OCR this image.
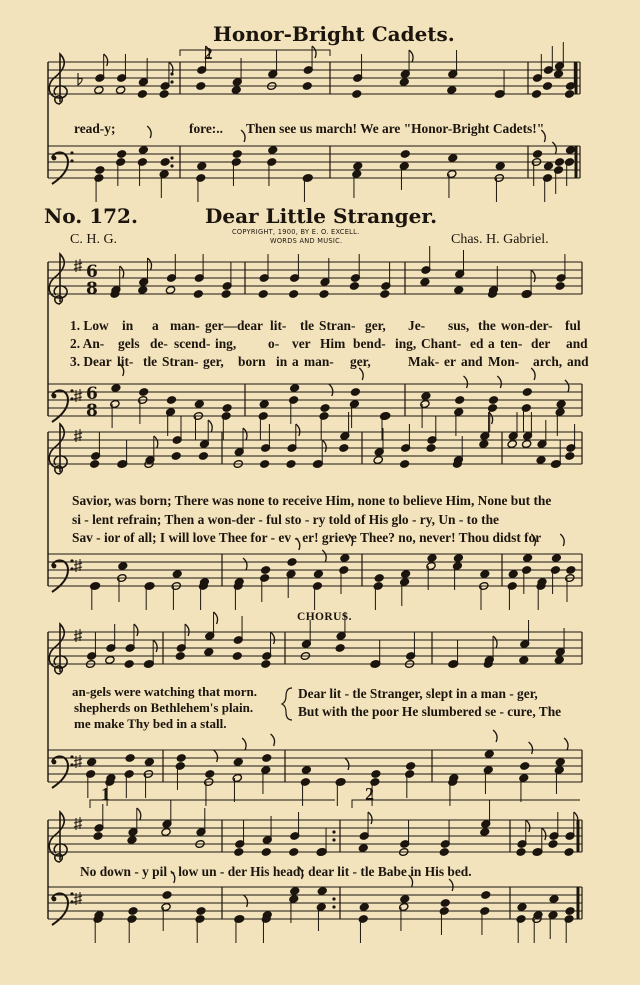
Honor-Bright Cadets.
No. 172.	Dear Little Stranger.
C. H. G.	COPYRIGHT, 1900, BY E. O. EXCELL.
WORDS AND MUSIC.	Chas. H. Gabriel.
6
8
6
8
read-y;	fore:.. Then see us march! We are "Honor-Bright Cadets!"
2
1. Low in a man- ger—dear lit- tle Stran- ger, Je- sus, the won-der- ful
2. An- gels de- scend- ing, o- ver Him bend- ing, Chant- ed a ten- der and
3. Dear lit- tle Stran- ger, born in a man- ger,	Mak- er and Mon- arch, and
Savior, was born; There was none to receive Him, none to believe Him, None but the
si - lent refrain; Then a won-der - ful sto - ry told of His glo - ry, Un - to the
Sav - ior of all; I will love Thee for - ev - er! grieve Thee? no, never! Thou didst for
CHORUS.
an-gels were watching that morn.
shepherds on Bethlehem's plain.
me make Thy bed in a stall.
Dear lit - tle Stranger, slept in a man - ger,
But with the poor He slumbered se - cure, The
1	2
No down - y pil - low un - der His head; dear lit - tle Babe in His bed.
